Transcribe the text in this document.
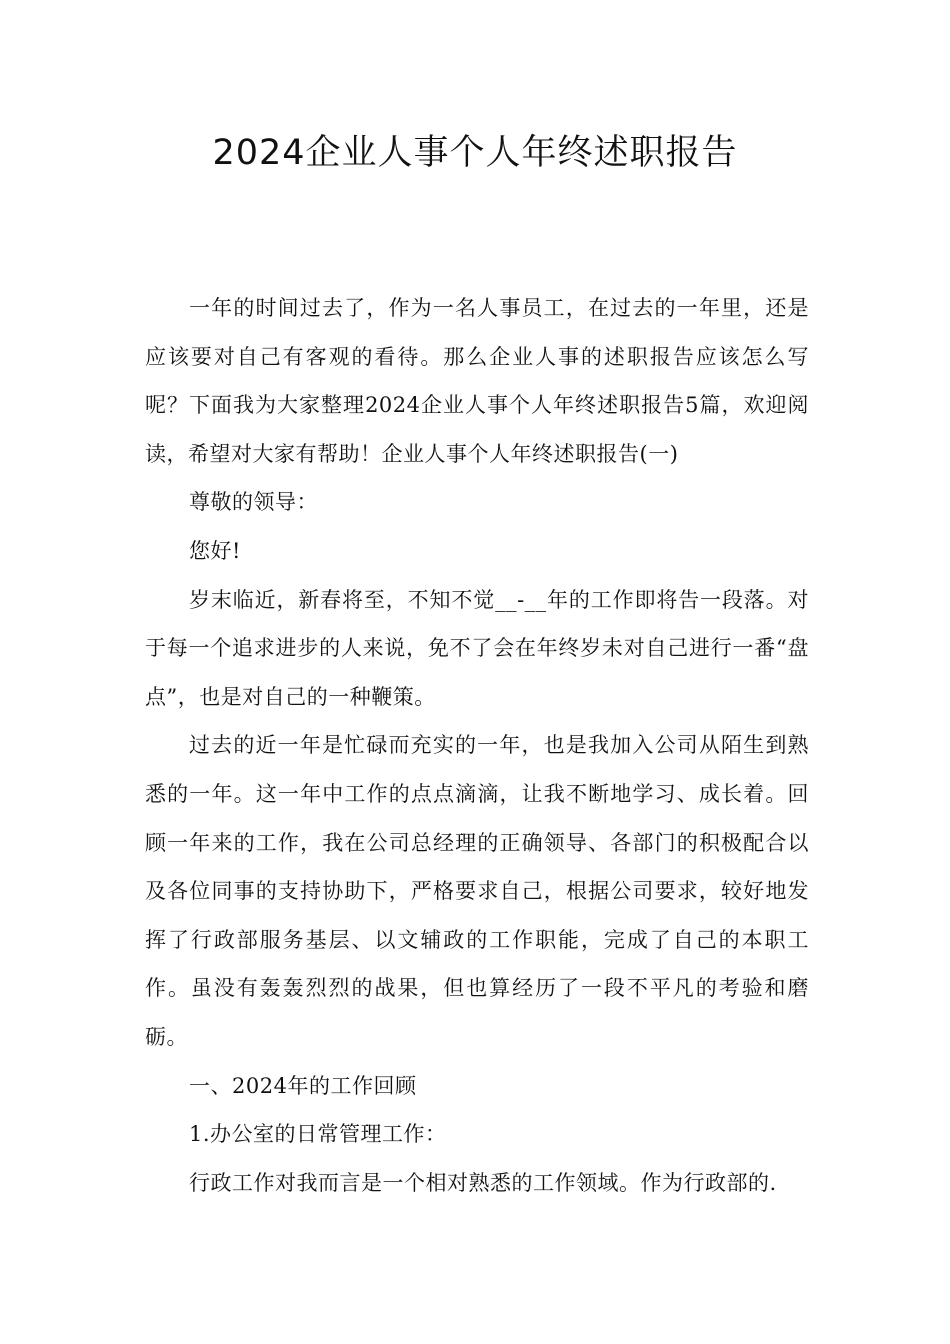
2024企业人事个人年终述职报告

一年的时间过去了，作为一名人事员工，在过去的一年里，还是应该要对自己有客观的看待。那么企业人事的述职报告应该怎么写呢？下面我为大家整理2024企业人事个人年终述职报告5篇，欢迎阅读，希望对大家有帮助！企业人事个人年终述职报告(一)

尊敬的领导：

您好!

岁末临近，新春将至，不知不觉__-__年的工作即将告一段落。对于每一个追求进步的人来说，免不了会在年终岁未对自己进行一番“盘点”，也是对自己的一种鞭策。

过去的近一年是忙碌而充实的一年，也是我加入公司从陌生到熟悉的一年。这一年中工作的点点滴滴，让我不断地学习、成长着。回顾一年来的工作，我在公司总经理的正确领导、各部门的积极配合以及各位同事的支持协助下，严格要求自己，根据公司要求，较好地发挥了行政部服务基层、以文辅政的工作职能，完成了自己的本职工作。虽没有轰轰烈烈的战果，但也算经历了一段不平凡的考验和磨砺。

一、2024年的工作回顾

1.办公室的日常管理工作：

行政工作对我而言是一个相对熟悉的工作领域。作为行政部的.
